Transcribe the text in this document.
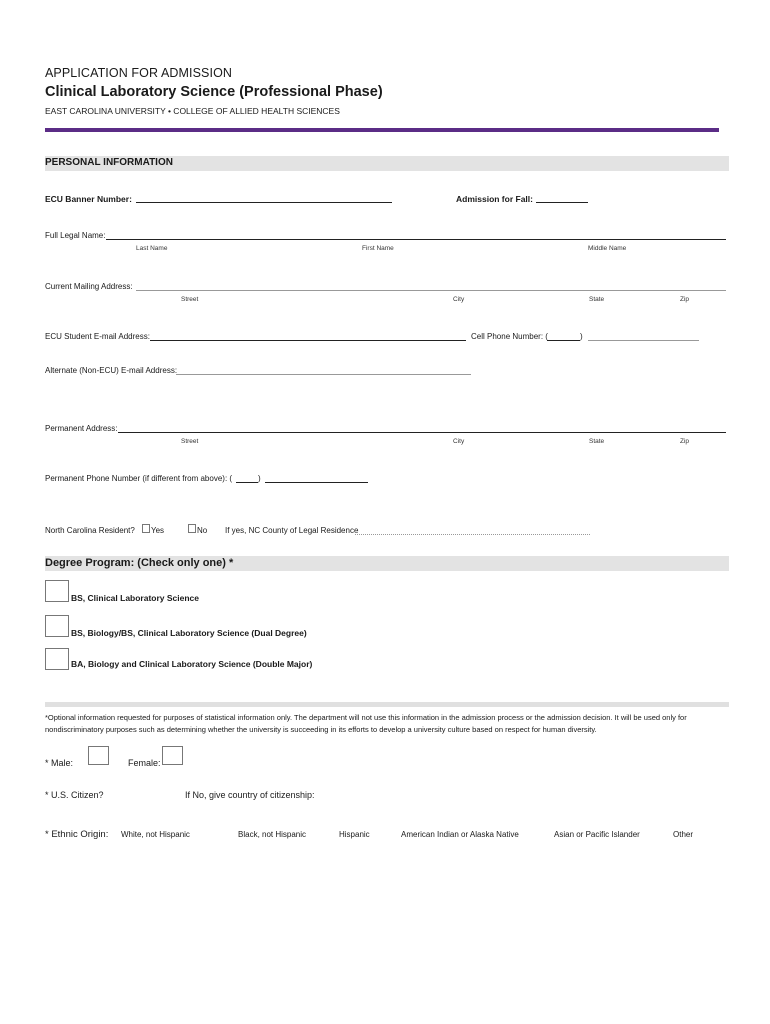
APPLICATION FOR ADMISSION
Clinical Laboratory Science (Professional Phase)
EAST CAROLINA UNIVERSITY • COLLEGE OF ALLIED HEALTH SCIENCES
PERSONAL INFORMATION
ECU Banner Number:	Admission for Fall:
Full Legal Name:
Last Name	First Name	Middle Name
Current Mailing Address:
Street	City	State	Zip
ECU Student E-mail Address:	Cell Phone Number: (	)
Alternate (Non-ECU) E-mail Address:
Permanent Address:
Street	City	State	Zip
Permanent Phone Number (if different from above): (	)
North Carolina Resident? Yes	No If yes, NC County of Legal Residence
Degree Program: (Check only one) *
BS, Clinical Laboratory Science
BS, Biology/BS, Clinical Laboratory Science (Dual Degree)
BA, Biology and Clinical Laboratory Science (Double Major)
*Optional information requested for purposes of statistical information only. The department will not use this information in the admission process or the admission decision. It will be used only for nondiscriminatory purposes such as determining whether the university is succeeding in its efforts to develop a university culture based on respect for human diversity.
* Male:	Female:
* U.S. Citizen?	If No, give country of citizenship:
* Ethnic Origin: White, not Hispanic	Black, not Hispanic	Hispanic	American Indian or Alaska Native	Asian or Pacific Islander	Other
